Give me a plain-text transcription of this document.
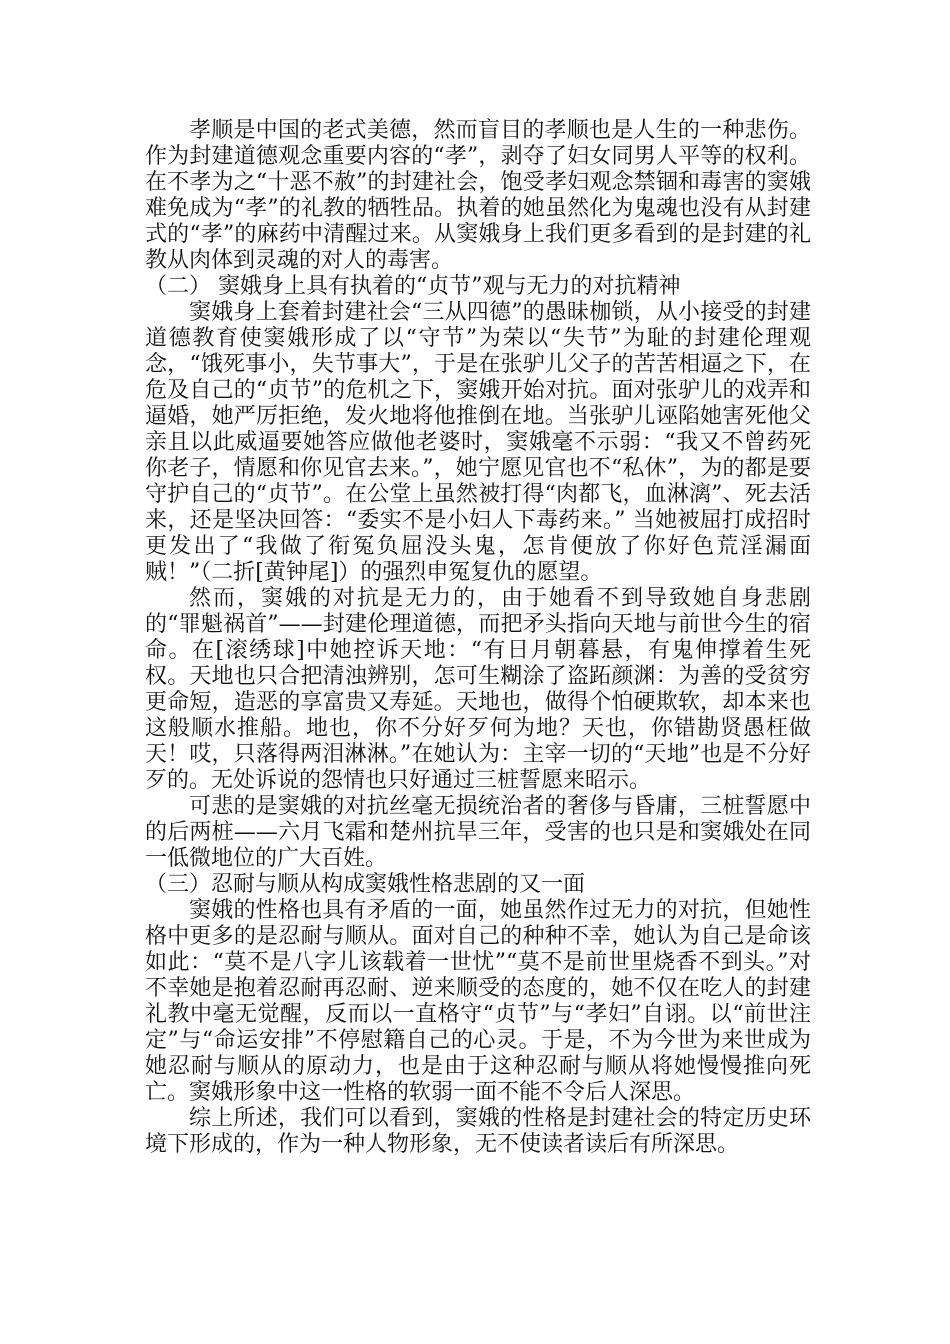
孝顺是中国的老式美德，然而盲目的孝顺也是人生的一种悲伤。作为封建道德观念重要内容的“孝”，剥夺了妇女同男人平等的权利。在不孝为之“十恶不赦”的封建社会，饱受孝妇观念禁锢和毒害的窦娥难免成为“孝”的礼教的牺牲品。执着的她虽然化为鬼魂也没有从封建式的“孝”的麻药中清醒过来。从窦娥身上我们更多看到的是封建的礼教从肉体到灵魂的对人的毒害。

（二） 窦娥身上具有执着的“贞节”观与无力的对抗精神

窦娥身上套着封建社会“三从四德”的愚昧枷锁，从小接受的封建道德教育使窦娥形成了以“守节”为荣以“失节”为耻的封建伦理观念，“饿死事小，失节事大”，于是在张驴儿父子的苦苦相逼之下，在危及自己的“贞节”的危机之下，窦娥开始对抗。面对张驴儿的戏弄和逼婚，她严厉拒绝，发火地将他推倒在地。当张驴儿诬陷她害死他父亲且以此威逼要她答应做他老婆时，窦娥毫不示弱：“我又不曾药死你老子，情愿和你见官去来。”，她宁愿见官也不“私休”，为的都是要守护自己的“贞节”。在公堂上虽然被打得“肉都飞，血淋漓”、死去活来，还是坚决回答：“委实不是小妇人下毒药来。” 当她被屈打成招时更发出了“我做了衔冤负屈没头鬼，怎肯便放了你好色荒淫漏面贼！”（二折[黄钟尾]）的强烈申冤复仇的愿望。

然而，窦娥的对抗是无力的，由于她看不到导致她自身悲剧的“罪魁祸首”——封建伦理道德，而把矛头指向天地与前世今生的宿命。在[滚绣球]中她控诉天地：“有日月朝暮悬，有鬼伸撑着生死权。天地也只合把清浊辨别，怎可生糊涂了盗跖颜渊：为善的受贫穷更命短，造恶的享富贵又寿延。天地也，做得个怕硬欺软，却本来也这般顺水推船。地也，你不分好歹何为地？天也，你错勘贤愚枉做天！哎，只落得两泪淋淋。”在她认为：主宰一切的“天地”也是不分好歹的。无处诉说的怨情也只好通过三桩誓愿来昭示。

可悲的是窦娥的对抗丝毫无损统治者的奢侈与昏庸，三桩誓愿中的后两桩——六月飞霜和楚州抗旱三年，受害的也只是和窦娥处在同一低微地位的广大百姓。

（三）忍耐与顺从构成窦娥性格悲剧的又一面

窦娥的性格也具有矛盾的一面，她虽然作过无力的对抗，但她性格中更多的是忍耐与顺从。面对自己的种种不幸，她认为自己是命该如此：“莫不是八字儿该载着一世忧”“莫不是前世里烧香不到头。”对不幸她是抱着忍耐再忍耐、逆来顺受的态度的，她不仅在吃人的封建礼教中毫无觉醒，反而以一直格守“贞节”与“孝妇”自诩。以“前世注定”与“命运安排”不停慰籍自己的心灵。于是，不为今世为来世成为她忍耐与顺从的原动力，也是由于这种忍耐与顺从将她慢慢推向死亡。窦娥形象中这一性格的软弱一面不能不令后人深思。

综上所述，我们可以看到，窦娥的性格是封建社会的特定历史环境下形成的，作为一种人物形象，无不使读者读后有所深思。
